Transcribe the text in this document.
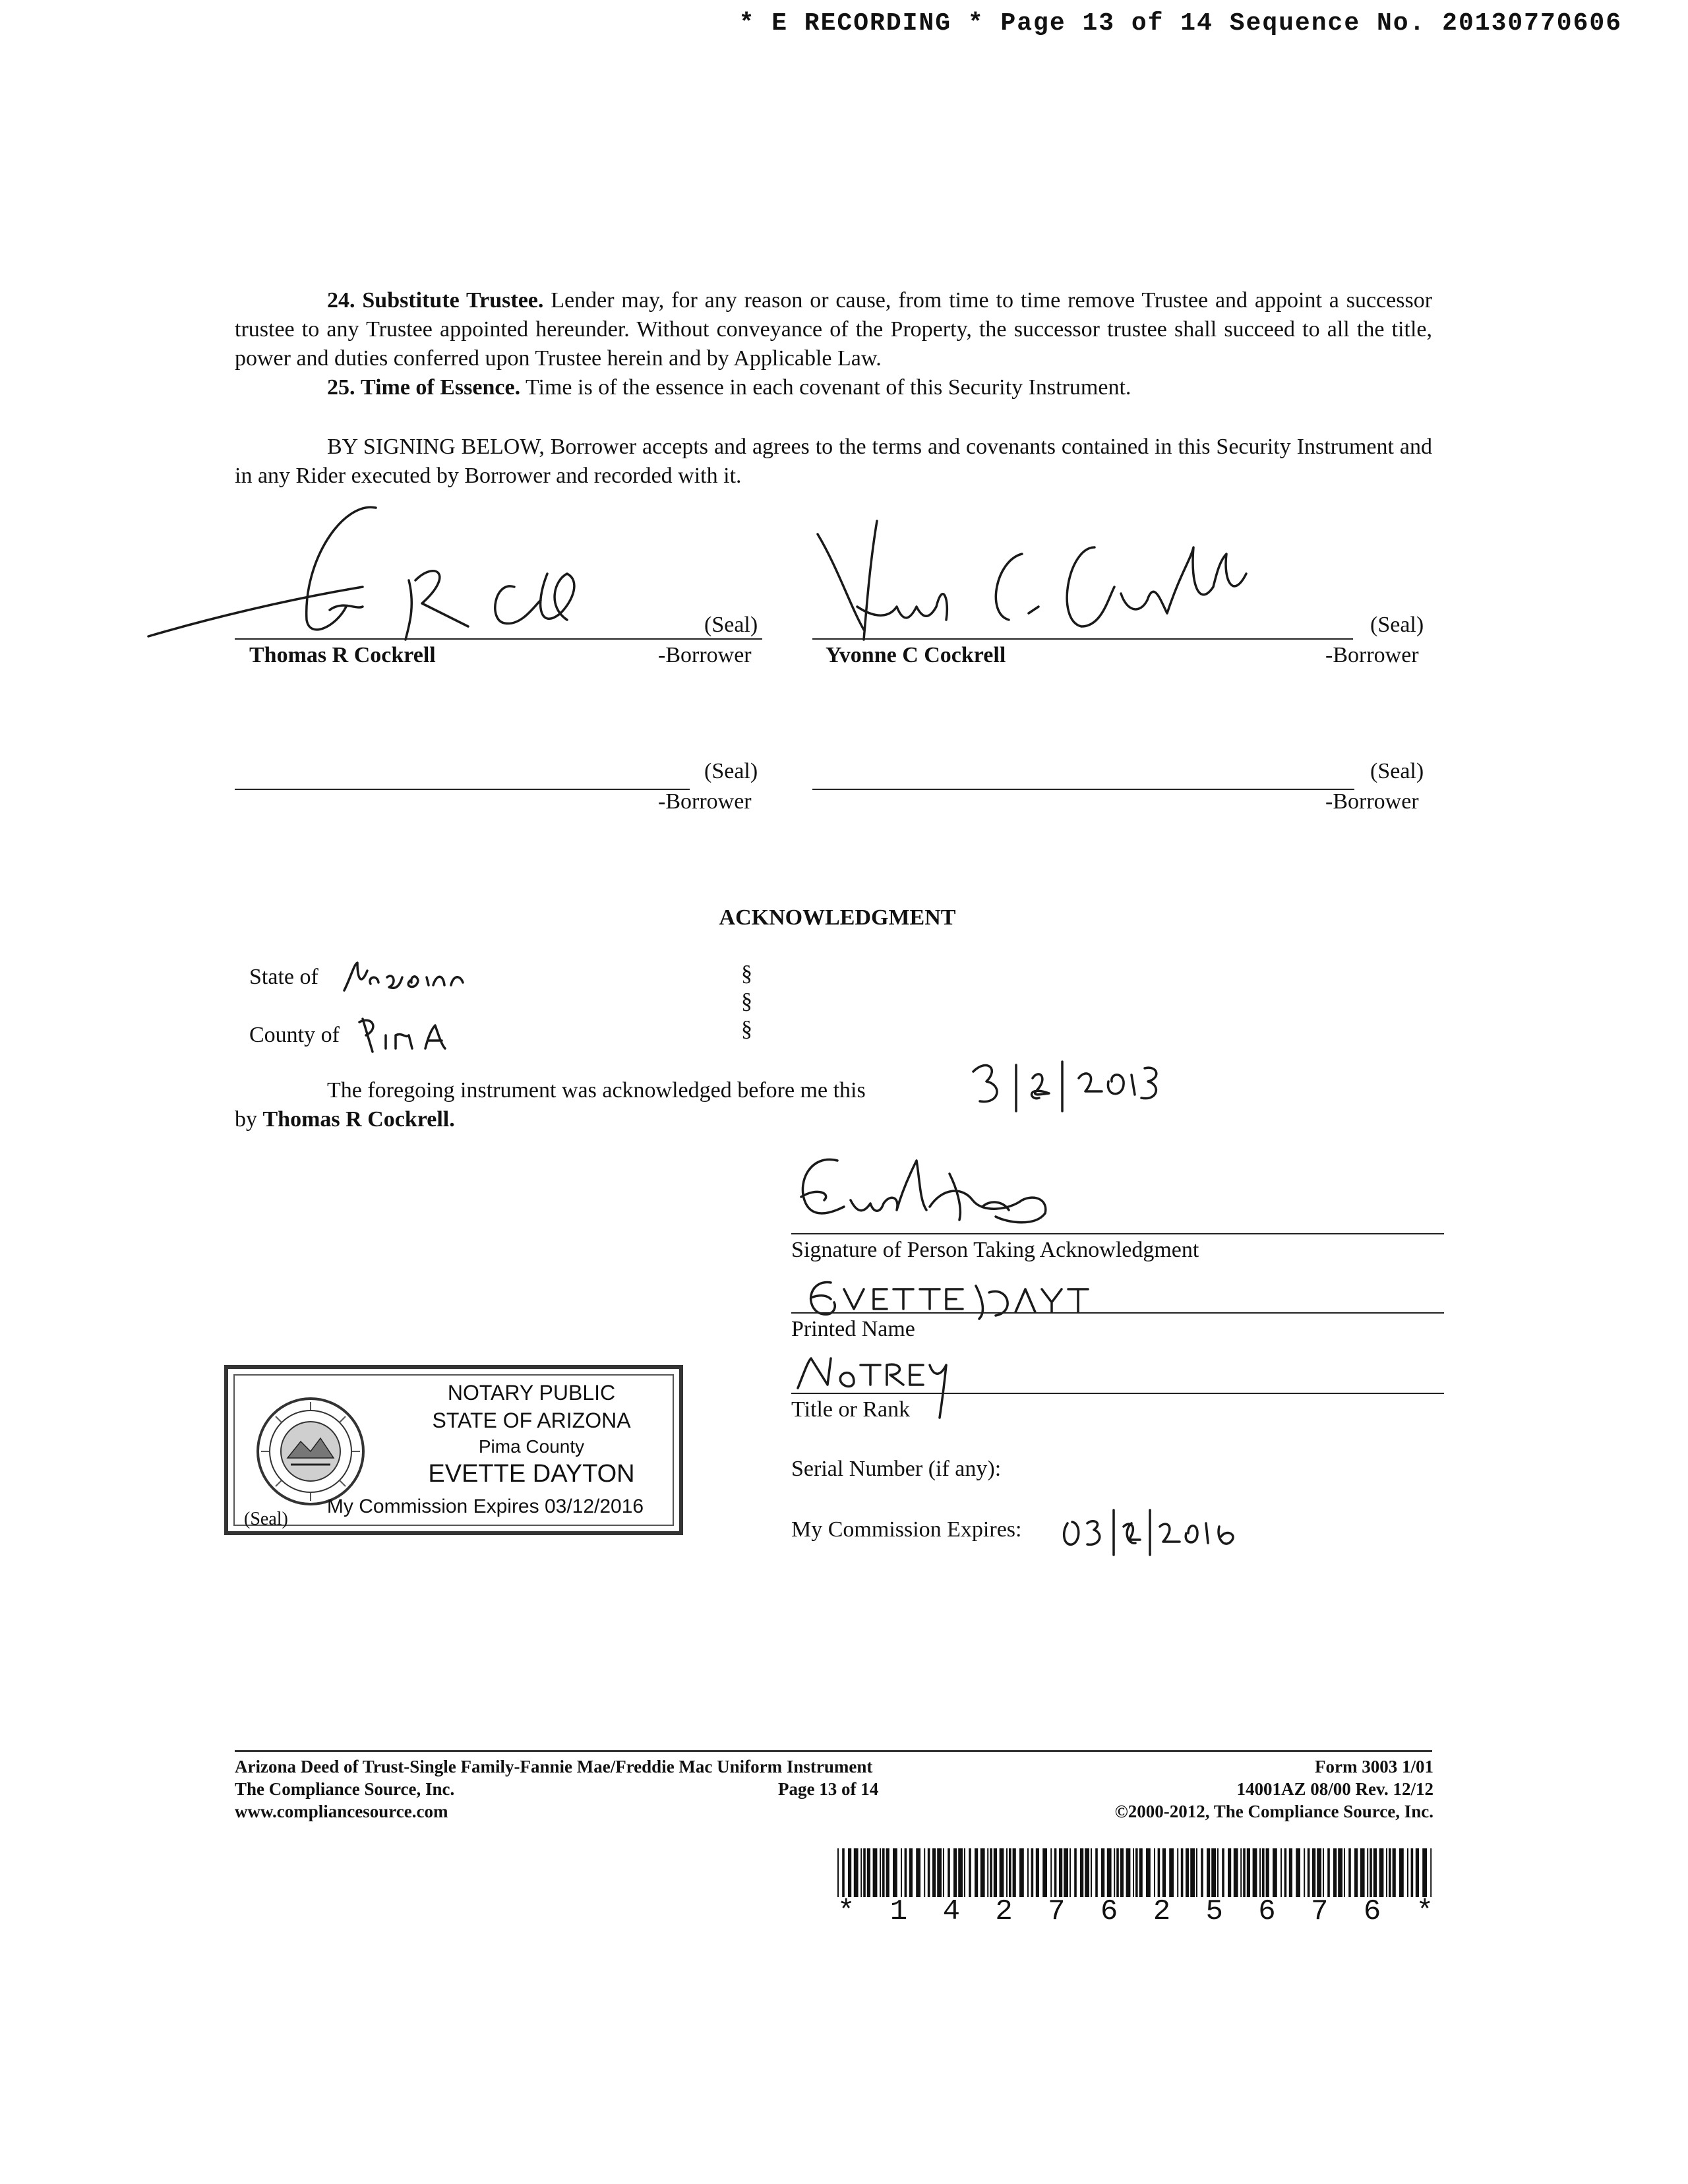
* E RECORDING * Page 13 of 14 Sequence No. 20130770606
24. Substitute Trustee. Lender may, for any reason or cause, from time to time remove Trustee and appoint a successor trustee to any Trustee appointed hereunder. Without conveyance of the Property, the successor trustee shall succeed to all the title, power and duties conferred upon Trustee herein and by Applicable Law.
25. Time of Essence. Time is of the essence in each covenant of this Security Instrument.
BY SIGNING BELOW, Borrower accepts and agrees to the terms and covenants contained in this Security Instrument and in any Rider executed by Borrower and recorded with it.
(Seal)
Thomas R Cockrell	-Borrower
(Seal)
Yvonne C Cockrell	-Borrower
(Seal)
-Borrower
(Seal)
-Borrower
ACKNOWLEDGMENT
State of
County of
§
§
§
The foregoing instrument was acknowledged before me this
by Thomas R Cockrell.
Signature of Person Taking Acknowledgment
Printed Name
Title or Rank
Serial Number (if any):
My Commission Expires:
NOTARY PUBLIC
STATE OF ARIZONA
Pima County
EVETTE DAYTON
My Commission Expires 03/12/2016
(Seal)
Arizona Deed of Trust-Single Family-Fannie Mae/Freddie Mac Uniform Instrument
The Compliance Source, Inc.
www.compliancesource.com
Page 13 of 14
Form 3003 1/01
14001AZ 08/00 Rev. 12/12
©2000-2012, The Compliance Source, Inc.
* 1 4 2 7 6 2 5 6 7 6 *
